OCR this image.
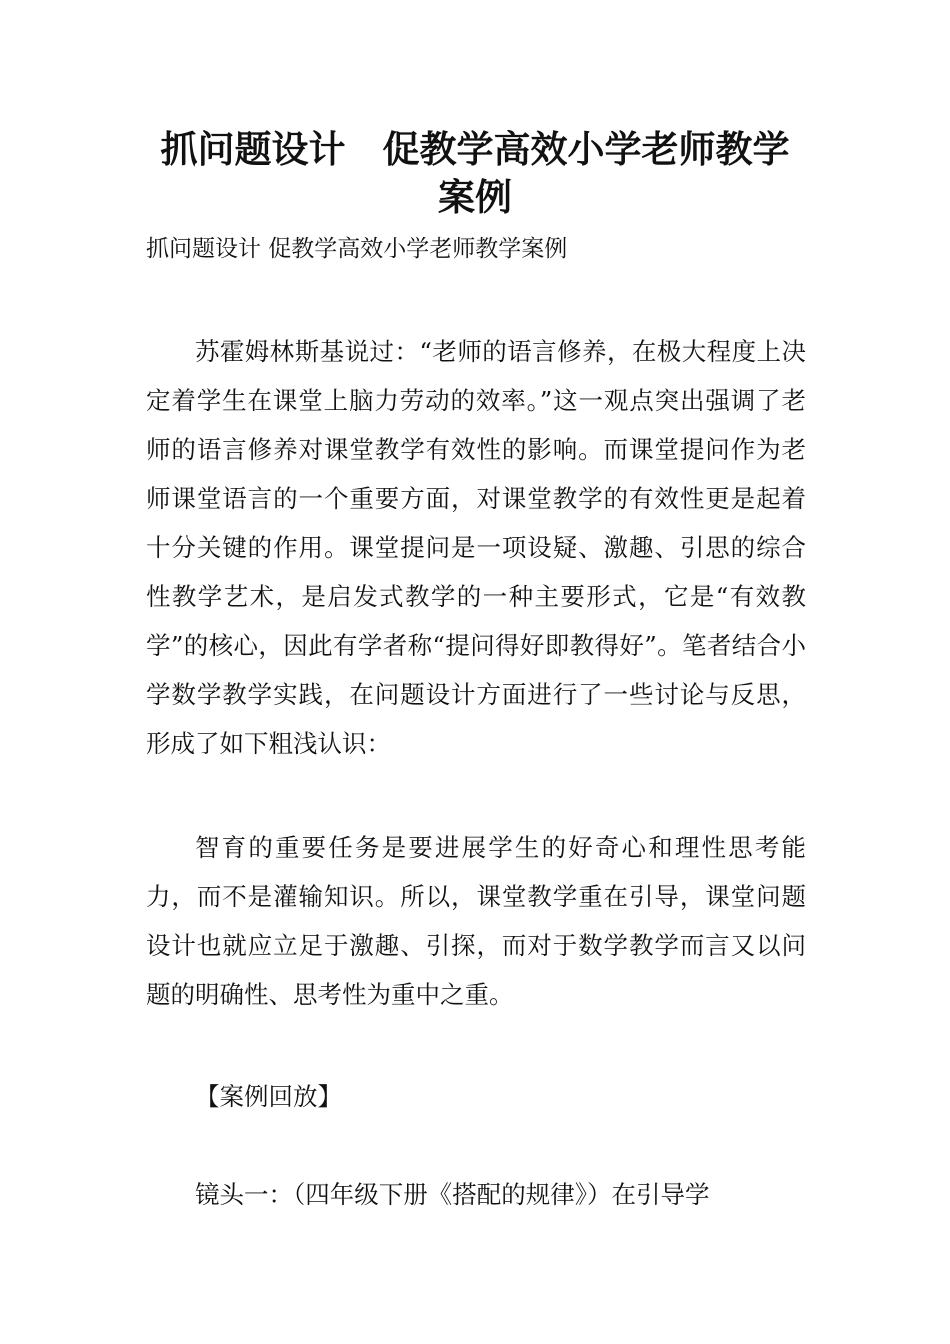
抓问题设计　促教学高效小学老师教学
案例

抓问题设计 促教学高效小学老师教学案例

苏霍姆林斯基说过：“老师的语言修养，在极大程度上决定着学生在课堂上脑力劳动的效率。”这一观点突出强调了老师的语言修养对课堂教学有效性的影响。而课堂提问作为老师课堂语言的一个重要方面，对课堂教学的有效性更是起着十分关键的作用。课堂提问是一项设疑、激趣、引思的综合性教学艺术，是启发式教学的一种主要形式，它是“有效教学”的核心，因此有学者称“提问得好即教得好”。笔者结合小学数学教学实践，在问题设计方面进行了一些讨论与反思，形成了如下粗浅认识：

智育的重要任务是要进展学生的好奇心和理性思考能力，而不是灌输知识。所以，课堂教学重在引导，课堂问题设计也就应立足于激趣、引探，而对于数学教学而言又以问题的明确性、思考性为重中之重。

【案例回放】

镜头一：（四年级下册《搭配的规律》）在引导学
